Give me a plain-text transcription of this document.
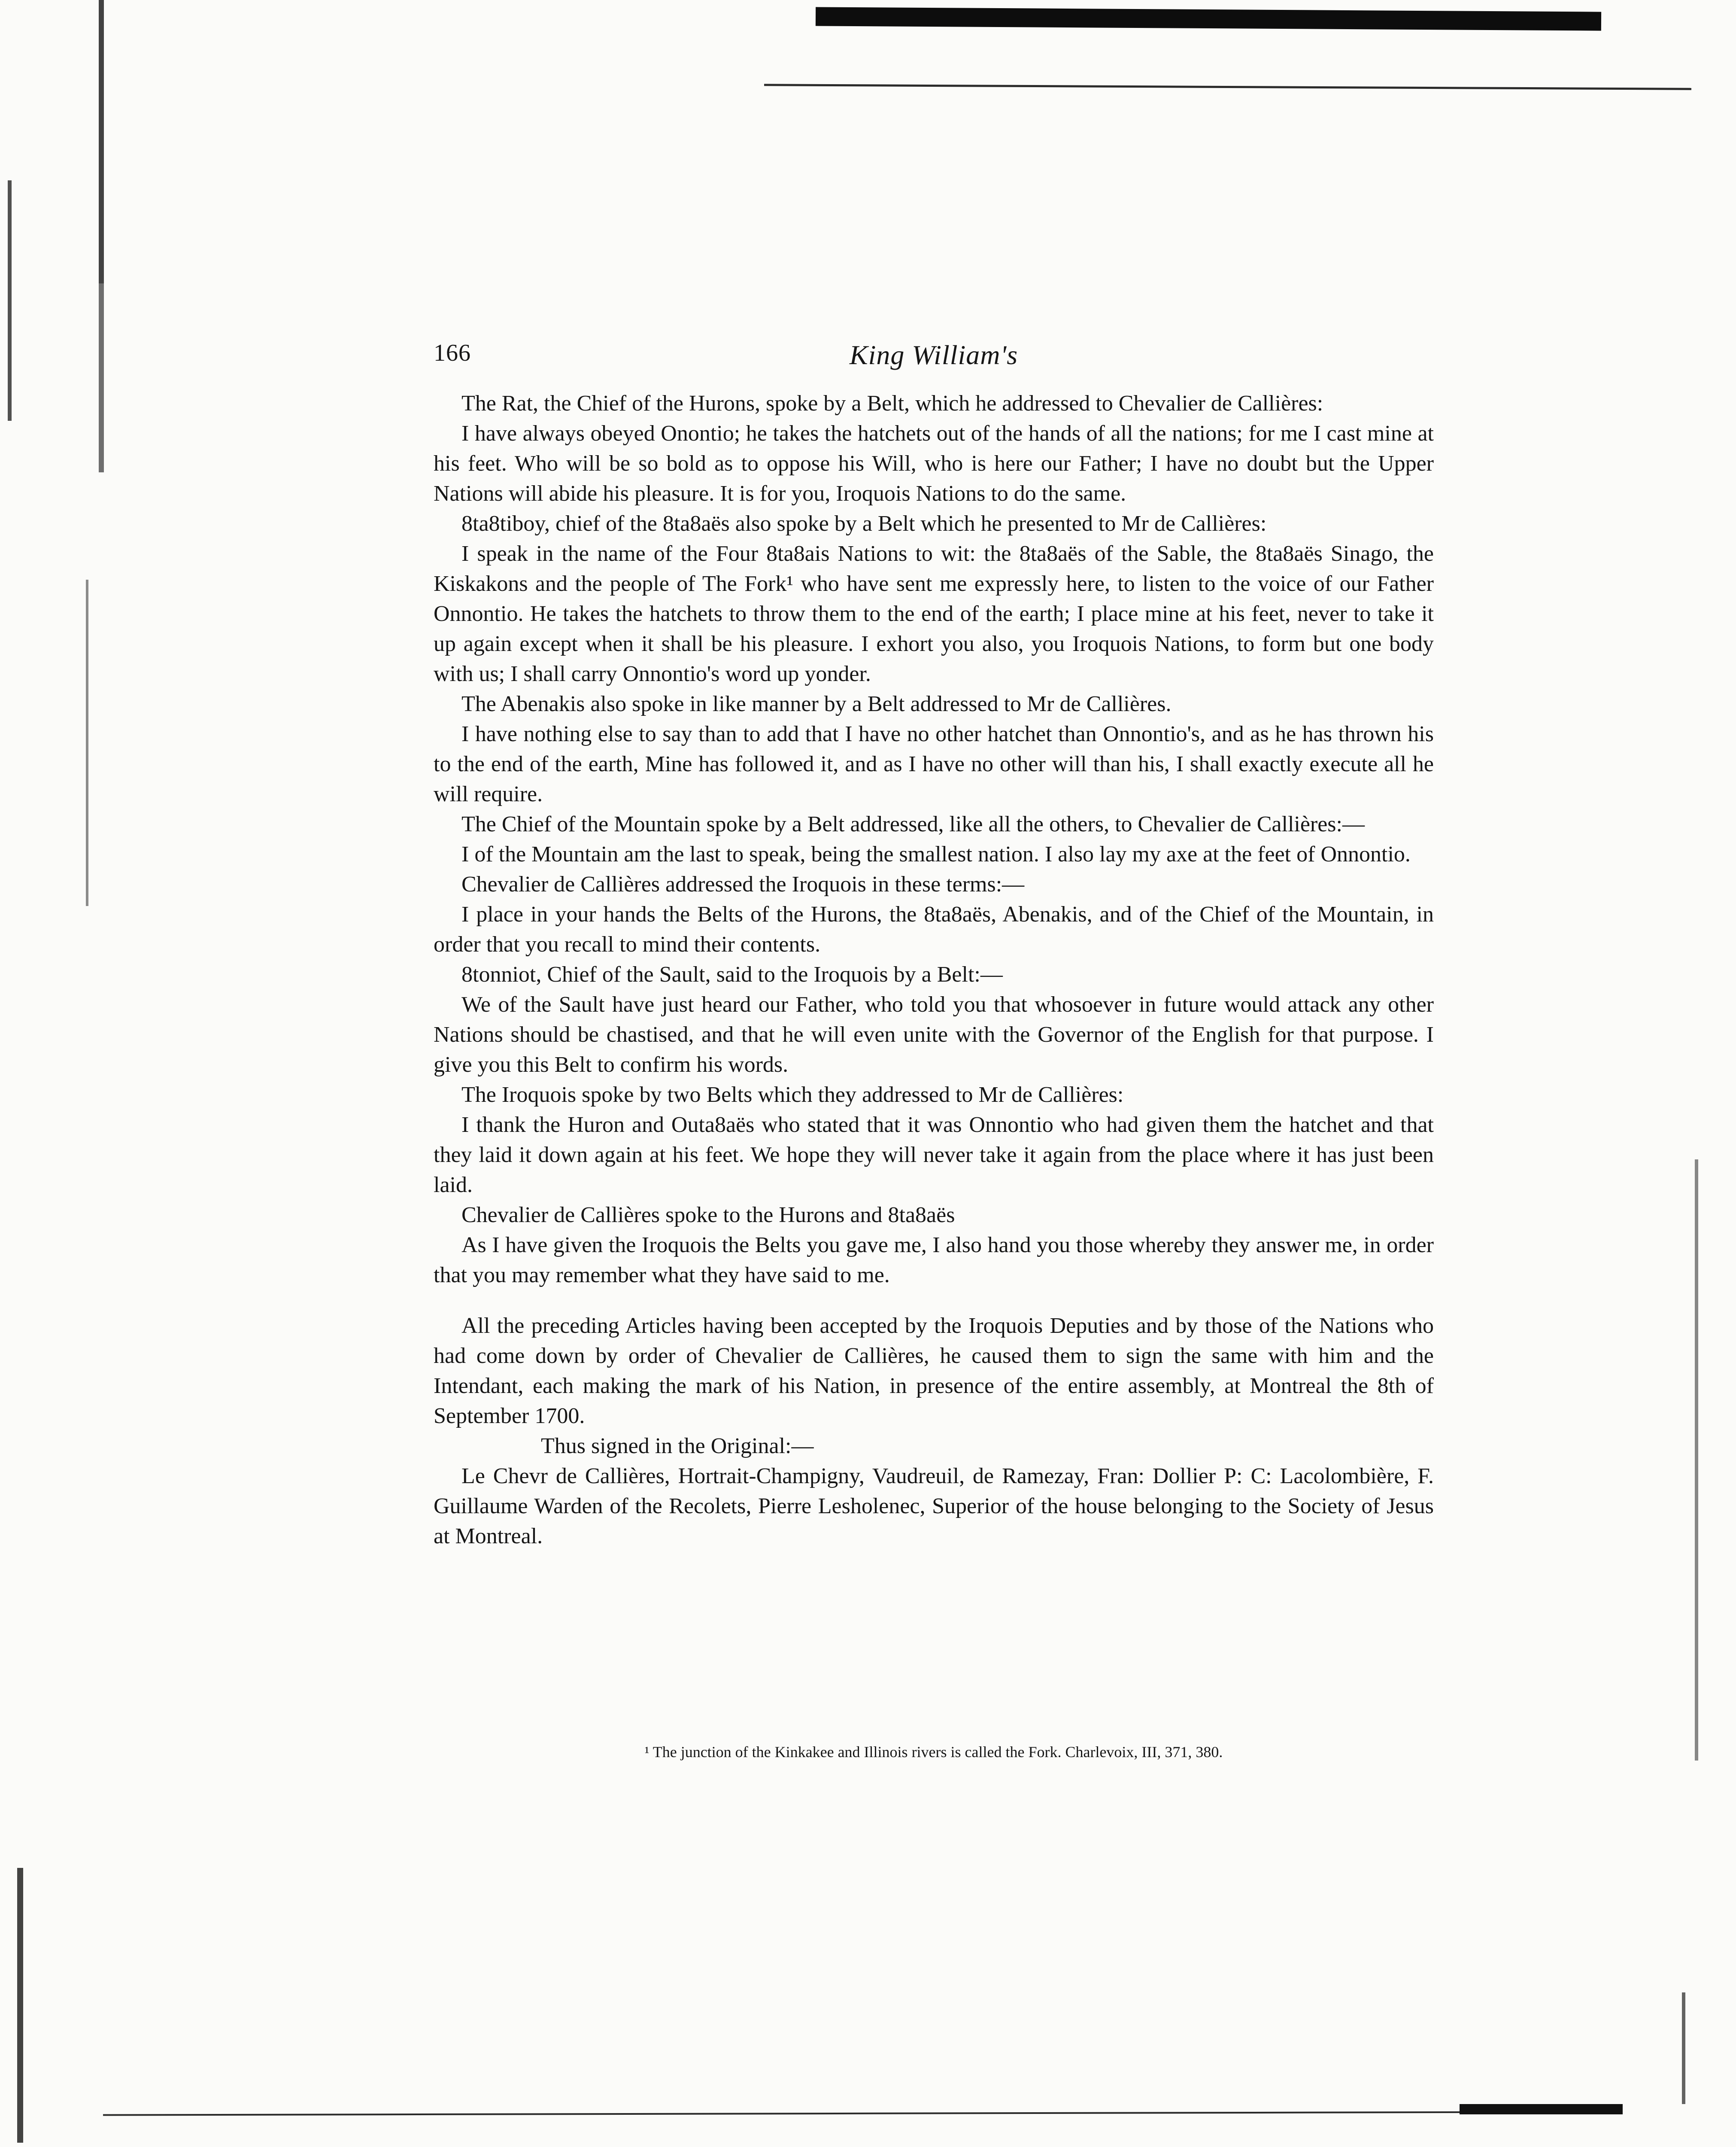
166	King William's

The Rat, the Chief of the Hurons, spoke by a Belt, which he addressed to Chevalier de Callières:

I have always obeyed Onontio; he takes the hatchets out of the hands of all the nations; for me I cast mine at his feet. Who will be so bold as to oppose his Will, who is here our Father; I have no doubt but the Upper Nations will abide his pleasure. It is for you, Iroquois Nations to do the same.

8ta8tiboy, chief of the 8ta8aës also spoke by a Belt which he presented to Mr de Callières:

I speak in the name of the Four 8ta8ais Nations to wit: the 8ta8aës of the Sable, the 8ta8aës Sinago, the Kiskakons and the people of The Fork¹ who have sent me expressly here, to listen to the voice of our Father Onnontio. He takes the hatchets to throw them to the end of the earth; I place mine at his feet, never to take it up again except when it shall be his pleasure. I exhort you also, you Iroquois Nations, to form but one body with us; I shall carry Onnontio's word up yonder.

The Abenakis also spoke in like manner by a Belt addressed to Mr de Callières.

I have nothing else to say than to add that I have no other hatchet than Onnontio's, and as he has thrown his to the end of the earth, Mine has followed it, and as I have no other will than his, I shall exactly execute all he will require.

The Chief of the Mountain spoke by a Belt addressed, like all the others, to Chevalier de Callières:—

I of the Mountain am the last to speak, being the smallest nation. I also lay my axe at the feet of Onnontio.

Chevalier de Callières addressed the Iroquois in these terms:—

I place in your hands the Belts of the Hurons, the 8ta8aës, Abenakis, and of the Chief of the Mountain, in order that you recall to mind their contents.

8tonniot, Chief of the Sault, said to the Iroquois by a Belt:—

We of the Sault have just heard our Father, who told you that whosoever in future would attack any other Nations should be chastised, and that he will even unite with the Governor of the English for that purpose. I give you this Belt to confirm his words.

The Iroquois spoke by two Belts which they addressed to Mr de Callières:

I thank the Huron and Outa8aës who stated that it was Onnontio who had given them the hatchet and that they laid it down again at his feet. We hope they will never take it again from the place where it has just been laid.

Chevalier de Callières spoke to the Hurons and 8ta8aës

As I have given the Iroquois the Belts you gave me, I also hand you those whereby they answer me, in order that you may remember what they have said to me.

All the preceding Articles having been accepted by the Iroquois Deputies and by those of the Nations who had come down by order of Chevalier de Callières, he caused them to sign the same with him and the Intendant, each making the mark of his Nation, in presence of the entire assembly, at Montreal the 8th of September 1700.

Thus signed in the Original:—

Le Chevr de Callières, Hortrait-Champigny, Vaudreuil, de Ramezay, Fran: Dollier P: C: Lacolombière, F. Guillaume Warden of the Recolets, Pierre Lesholenec, Superior of the house belonging to the Society of Jesus at Montreal.

¹ The junction of the Kinkakee and Illinois rivers is called the Fork. Charlevoix, III, 371, 380.
